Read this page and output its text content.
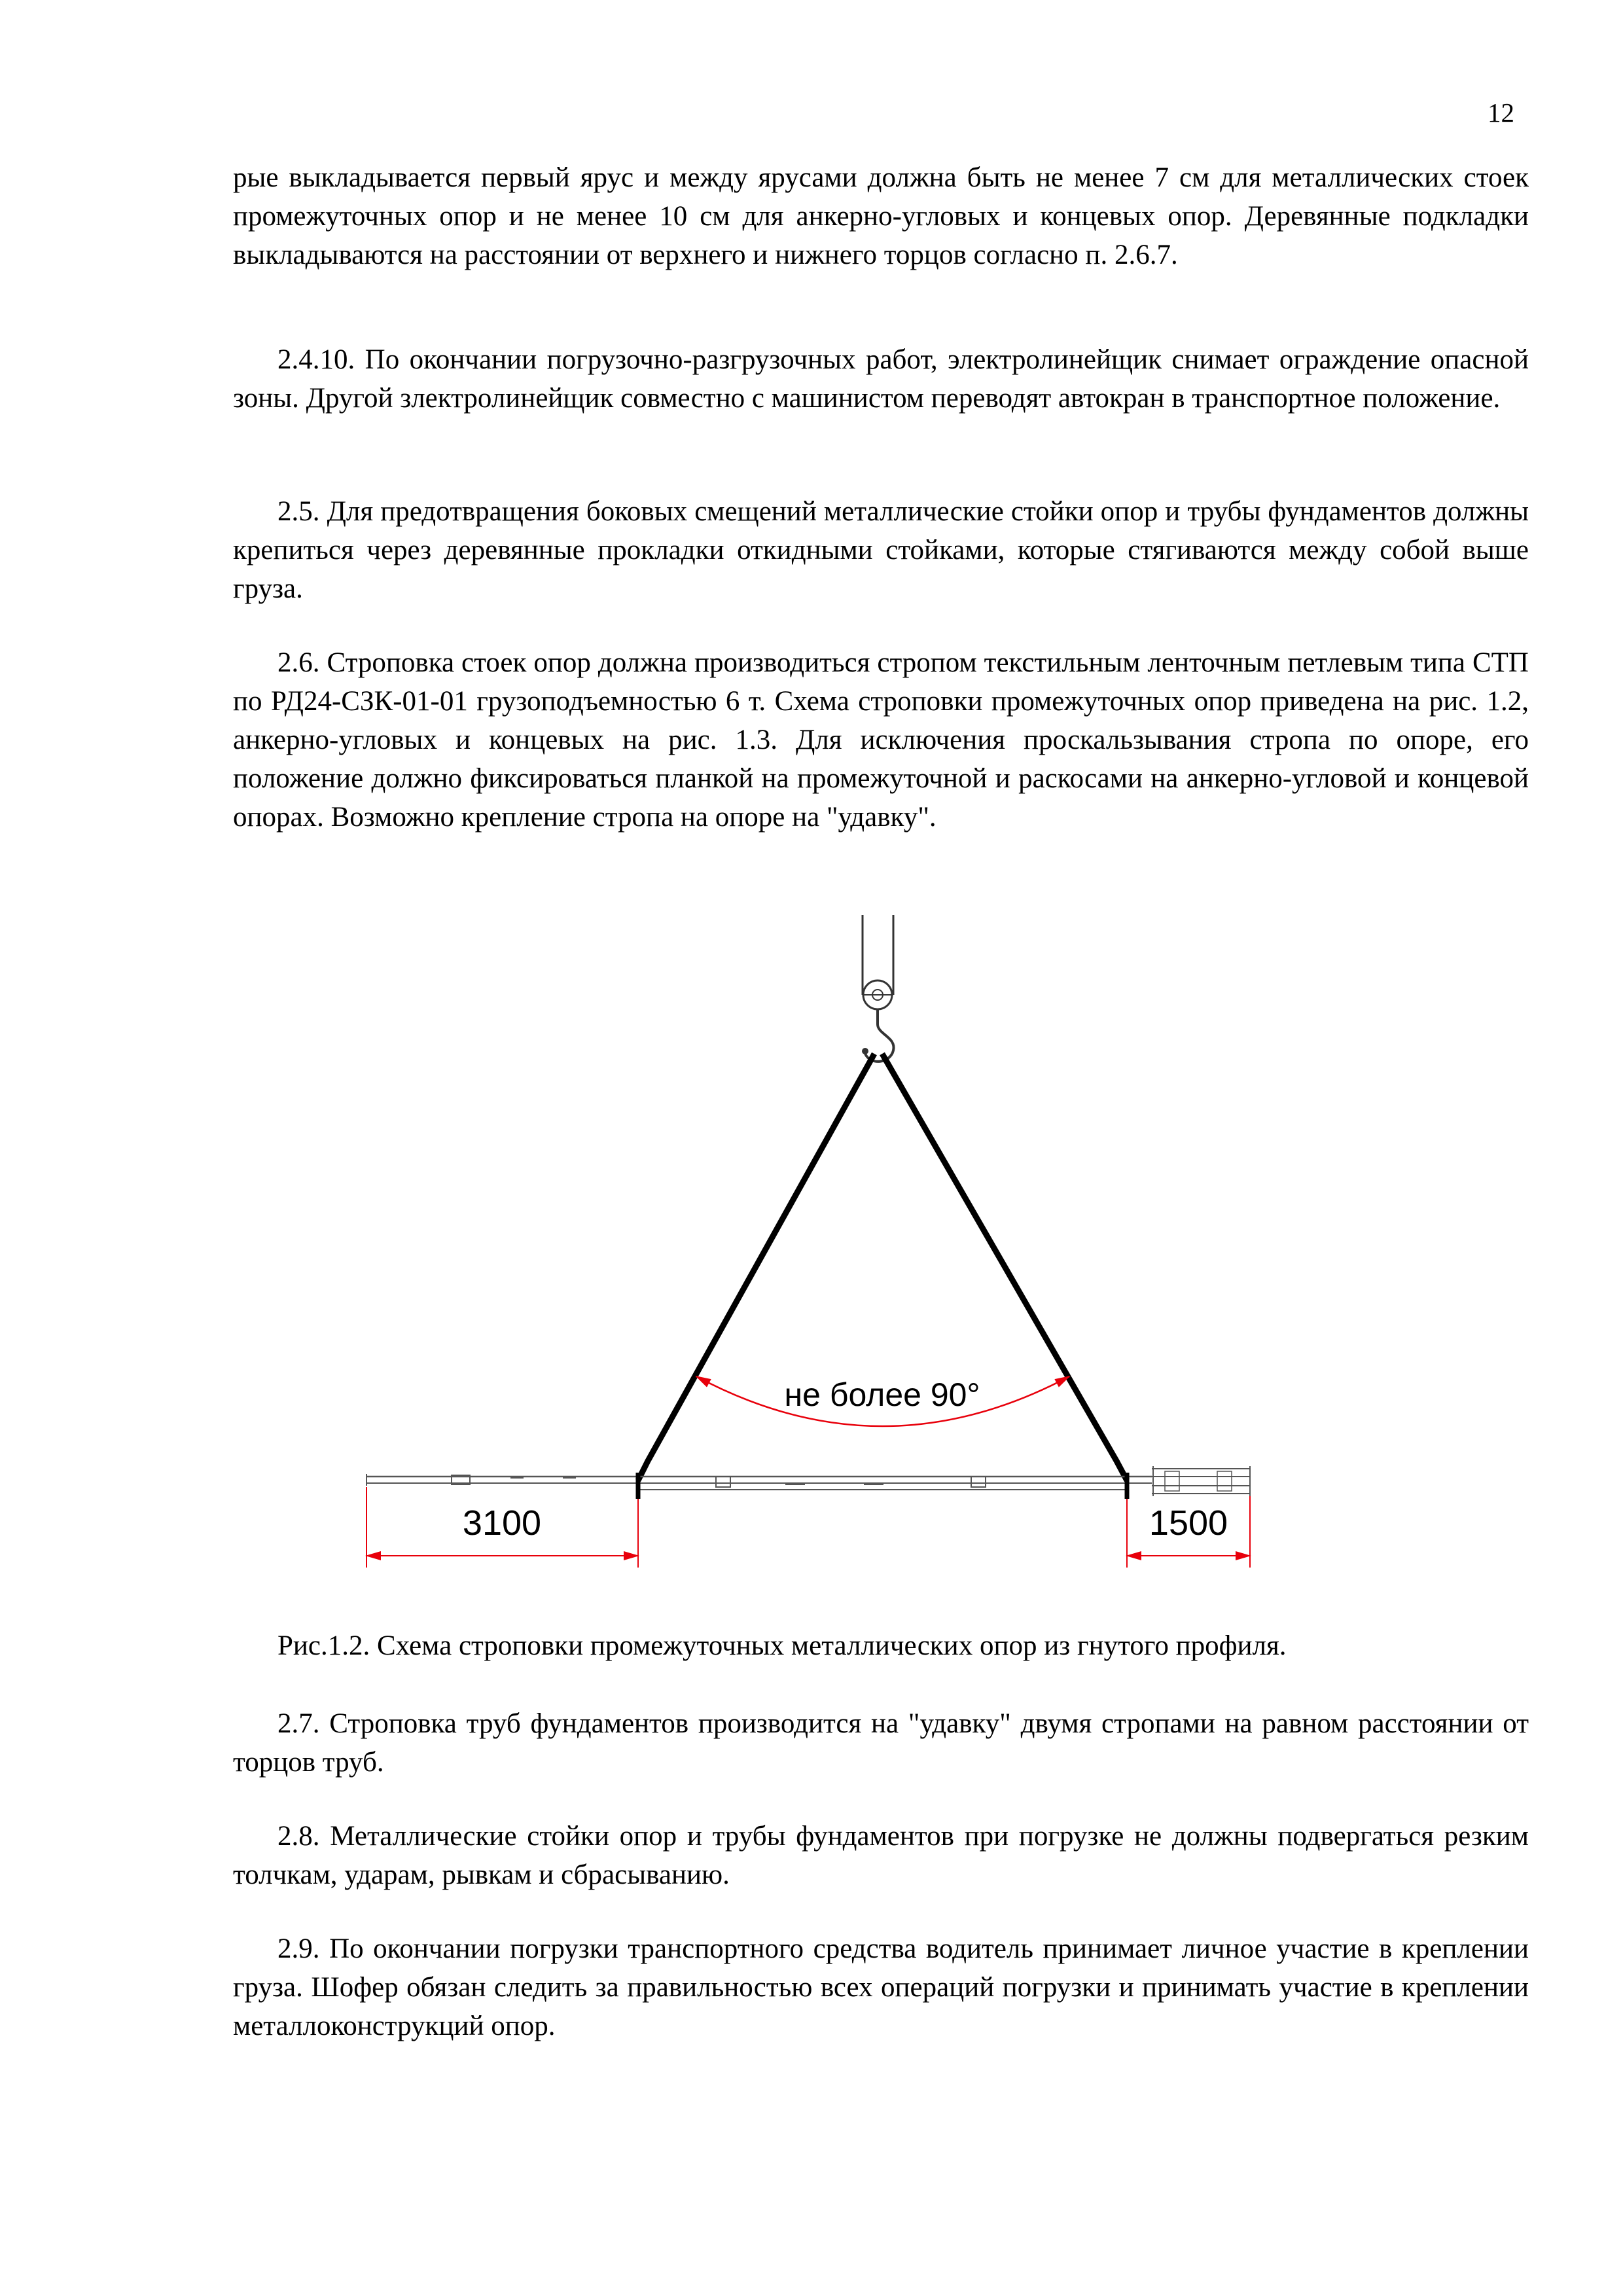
12

рые выкладывается первый ярус и между ярусами должна быть не менее 7 см для металлических стоек промежуточных опор и не менее 10 см для анкерно-угловых и концевых опор. Деревянные подкладки выкладываются на расстоянии от верхнего и нижнего торцов согласно п. 2.6.7.

2.4.10. По окончании погрузочно-разгрузочных работ, электролинейщик снимает ограждение опасной зоны. Другой злектролинейщик совместно с машинистом переводят автокран в транспортное положение.

2.5. Для предотвращения боковых смещений металлические стойки опор и трубы фундаментов должны крепиться через деревянные прокладки откидными стойками, которые стягиваются между собой выше груза.

2.6. Строповка стоек опор должна производиться стропом текстильным ленточным петлевым типа СТП по РД24-СЗК-01-01 грузоподъемностью 6 т. Схема строповки промежуточных опор приведена на рис. 1.2, анкерно-угловых и концевых на рис. 1.3. Для исключения проскальзывания стропа по опоре, его положение должно фиксироваться планкой на промежуточной и раскосами на анкерно-угловой и концевой опорах. Возможно крепление стропа на опоре на "удавку".

не более 90°
3100	1500
Рис.1.2. Схема строповки промежуточных металлических опор из гнутого профиля.

2.7. Строповка труб фундаментов производится на "удавку" двумя стропами на равном расстоянии от торцов труб.

2.8. Металлические стойки опор и трубы фундаментов при погрузке не должны подвергаться резким толчкам, ударам, рывкам и сбрасыванию.

2.9. По окончании погрузки транспортного средства водитель принимает личное участие в креплении груза. Шофер обязан следить за правильностью всех операций погрузки и принимать участие в креплении металлоконструкций опор.
